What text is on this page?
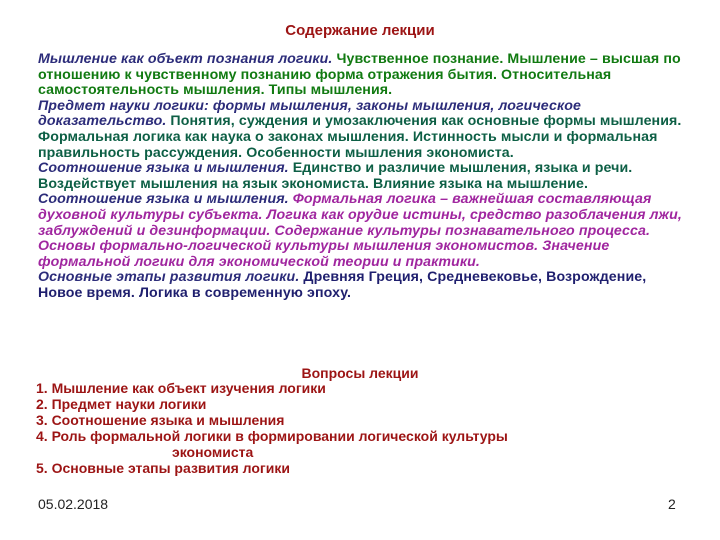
Содержание лекции

Мышление как объект познания логики. Чувственное познание. Мышление – высшая по отношению к чувственному познанию форма отражения бытия. Относительная самостоятельность мышления. Типы мышления.

Предмет науки логики: формы мышления, законы мышления, логическое доказательство. Понятия, суждения и умозаключения как основные формы мышления. Формальная логика как наука о законах мышления. Истинность мысли и формальная правильность рассуждения. Особенности мышления экономиста.

Соотношение языка и мышления. Единство и различие мышления, языка и речи. Воздействует мышления на язык экономиста. Влияние языка на мышление.

Соотношение языка и мышления. Формальная логика – важнейшая составляющая духовной культуры субъекта. Логика как орудие истины, средство разоблачения лжи, заблуждений и дезинформации. Содержание культуры познавательного процесса. Основы формально-логической культуры мышления экономистов. Значение формальной логики для экономической теории и практики.

Основные этапы развития логики. Древняя Греция, Средневековье, Возрождение, Новое время. Логика в современную эпоху.

Вопросы лекции
1. Мышление как объект изучения логики
2. Предмет науки логики
3. Соотношение языка и мышления
4. Роль формальной логики в формировании логической культуры
экономиста
5. Основные этапы развития логики
05.02.2018	2
